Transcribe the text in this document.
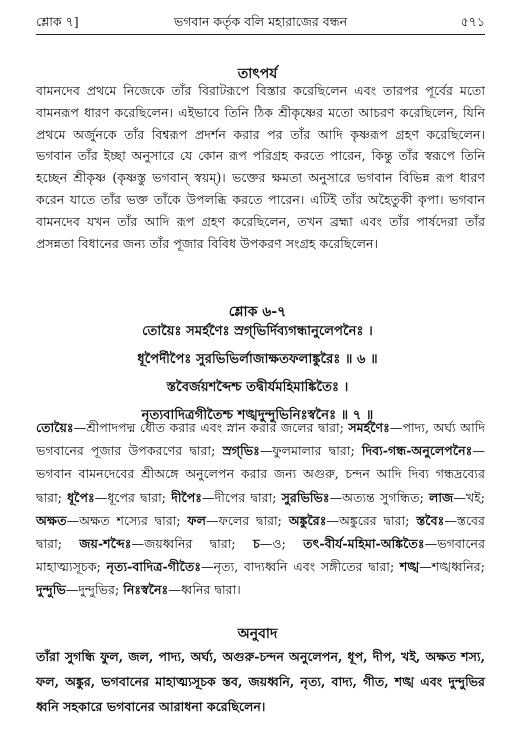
শ্লোক ৭]	ভগবান কর্তৃক বলি মহারাজের বন্ধন	৫৭১
তাৎপর্য
বামনদেব প্রথমে নিজেকে তাঁর বিরাটরূপে বিস্তার করেছিলেন এবং তারপর পূর্বের মতো বামনরূপ ধারণ করেছিলেন। এইভাবে তিনি ঠিক শ্রীকৃষ্ণের মতো আচরণ করেছিলেন, যিনি প্রথমে অর্জুনকে তাঁর বিশ্বরূপ প্রদর্শন করার পর তাঁর আদি কৃষ্ণরূপ গ্রহণ করেছিলেন। ভগবান তাঁর ইচ্ছা অনুসারে যে কোন রূপ পরিগ্রহ করতে পারেন, কিন্তু তাঁর স্বরূপে তিনি হচ্ছেন শ্রীকৃষ্ণ (কৃষ্ণস্তু ভগবান্ স্বয়ম্)। ভক্তের ক্ষমতা অনুসারে ভগবান বিভিন্ন রূপ ধারণ করেন যাতে তাঁর ভক্ত তাঁকে উপলব্ধি করতে পারেন। এটিই তাঁর অহৈতুকী কৃপা। ভগবান বামনদেব যখন তাঁর আদি রূপ গ্রহণ করেছিলেন, তখন ব্রহ্মা এবং তাঁর পার্ষদেরা তাঁর প্রসন্নতা বিধানের জন্য তাঁর পূজার বিবিধ উপকরণ সংগ্রহ করেছিলেন।
শ্লোক ৬-৭
তোয়ৈঃ সমর্হণৈঃ স্রগ্‌ভির্দিব্যগন্ধানুলেপনৈঃ ।
ধূপৈর্দীপৈঃ সুরভিভির্লাজাক্ষতফলাঙ্কুরৈঃ ॥ ৬ ॥
স্তবৈর্জয়শব্দৈশ্চ তদ্বীর্যমহিমাঙ্কিতৈঃ ।
নৃত্যবাদিত্রগীতৈশ্চ শঙ্খদুন্দুভিনিঃস্বনৈঃ ॥ ৭ ॥
তোয়ৈঃ—শ্রীপাদপদ্ম ধৌত করার এবং স্নান করার জলের দ্বারা; সমর্হণৈঃ—পাদ্য, অর্ঘ্য আদি ভগবানের পূজার উপকরণের দ্বারা; স্রগ্‌ভিঃ—ফুলমালার দ্বারা; দিব্য-গন্ধ-অনুলেপনৈঃ—ভগবান বামনদেবের শ্রীঅঙ্গে অনুলেপন করার জন্য অগুরু, চন্দন আদি দিব্য গন্ধদ্রব্যের দ্বারা; ধূপৈঃ—ধূপের দ্বারা; দীপৈঃ—দীপের দ্বারা; সুরভিভিঃ—অত্যন্ত সুগন্ধিত; লাজ—খই; অক্ষত—অক্ষত শস্যের দ্বারা; ফল—ফলের দ্বারা; অঙ্কুরৈঃ—অঙ্কুরের দ্বারা; স্তবৈঃ—স্তবের দ্বারা; জয়-শব্দৈঃ—জয়ধ্বনির দ্বারা; চ—ও; তৎ-বীর্য-মহিমা-অঙ্কিতৈঃ—ভগবানের মাহাত্ম্যসূচক; নৃত্য-বাদিত্র-গীতৈঃ—নৃত্য, বাদ্যধ্বনি এবং সঙ্গীতের দ্বারা; শঙ্খ—শঙ্খধ্বনির; দুন্দুভি—দুন্দুভির; নিঃস্বনৈঃ—ধ্বনির দ্বারা।
অনুবাদ
তাঁরা সুগন্ধি ফুল, জল, পাদ্য, অর্ঘ্য, অগুরু-চন্দন অনুলেপন, ধূপ, দীপ, খই, অক্ষত শস্য, ফল, অঙ্কুর, ভগবানের মাহাত্ম্যসূচক স্তব, জয়ধ্বনি, নৃত্য, বাদ্য, গীত, শঙ্খ এবং দুন্দুভির ধ্বনি সহকারে ভগবানের আরাধনা করেছিলেন।
